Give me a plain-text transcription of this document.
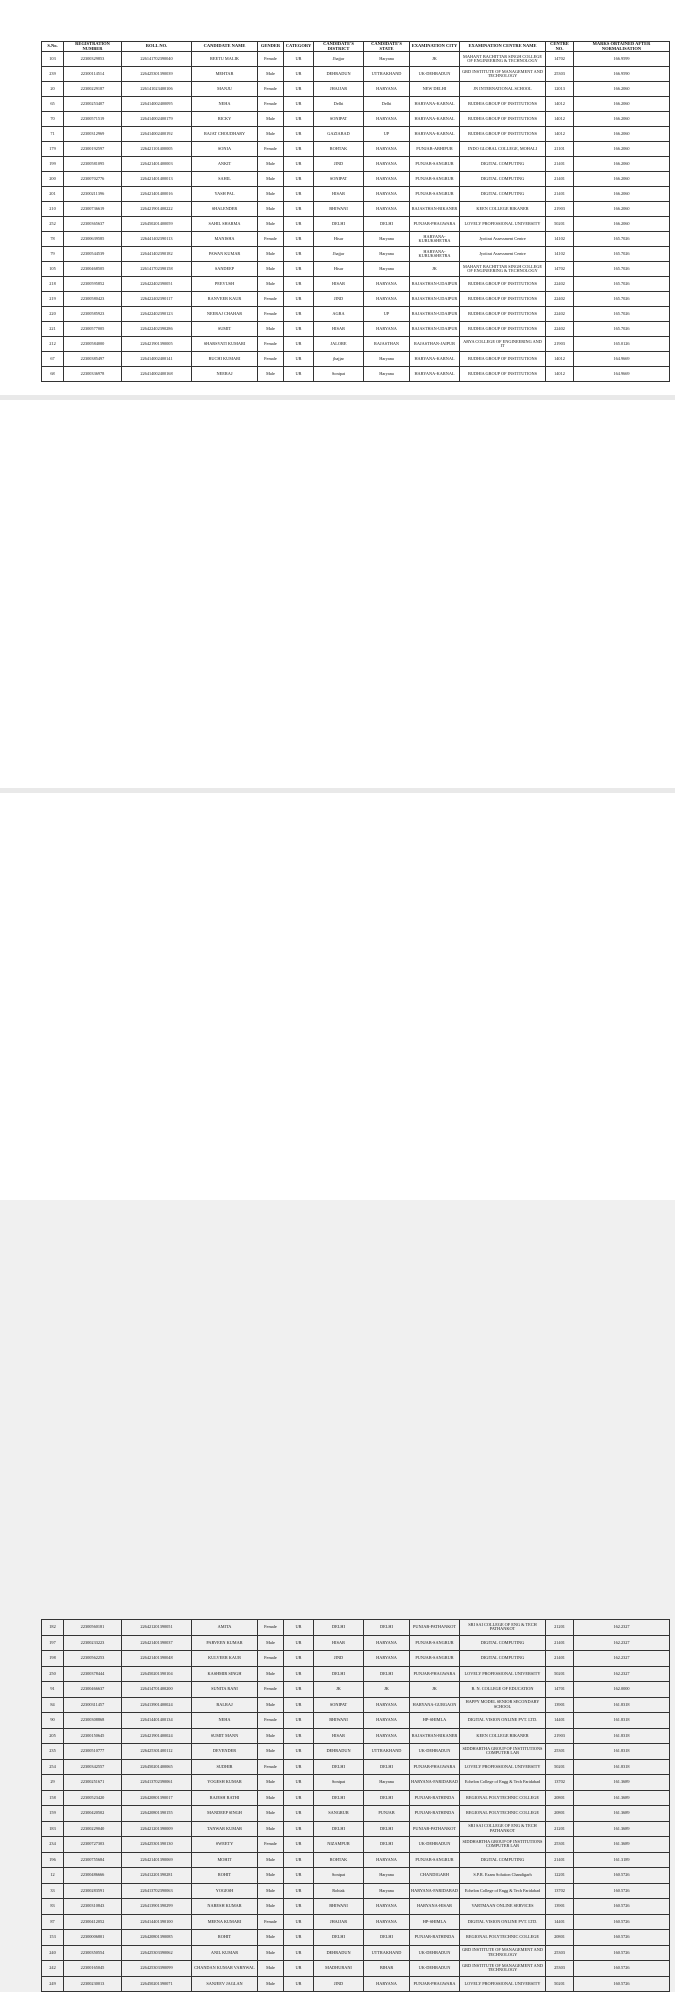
S.No.	REGISTRATION NUMBER	ROLL NO.	CANDIDATE NAME	GENDER	CATEGORY	CANDIDATE'S DISTRICT	CANDIDATE'S STATE	EXAMINATION CITY	EXAMINATION CENTRE NAME	CENTRE NO.	MARKS OBTAINED AFTER NORMALISATION
103	22300329853	226141702390040	REETU MALIK	Female	UR	Jhajjar	Haryana	JK	MAHANT BACHITTAR SINGH COLLEGE OF ENGINEERING & TECHNOLOGY	14702	166.9599
239	22300114514	226425301390039	MEHTAB	Male	UR	DEHRADUN	UTTRAKHAND	UK-DEHRADUN	GRD INSTITUTE OF MANAGEMENT AND TECHNOLOGY	25303	166.9590
20	22300229187	226141023400106	MANJU	Female	UR	JHAJJAR	HARYANA	NEW DELHI	JN INTERNATIONAL SCHOOL	12013	166.2060
65	22300253407	226414002400095	NEHA	Female	UR	Delhi	Delhi	HARYANA-KARNAL	BUDHIA GROUP OF INSTITUTIONS	14012	166.2060
70	22300571519	226414002400179	RICKY	Male	UR	SONIPAT	HARYANA	HARYANA-KARNAL	BUDHIA GROUP OF INSTITUTIONS	14012	166.2060
71	22300312969	226414002400192	RAJAT CHOUDHARY	Male	UR	GAZIABAD	UP	HARYANA-KARNAL	BUDHIA GROUP OF INSTITUTIONS	14012	166.2060
179	22300192597	226421101400005	SONIA	Female	UR	ROHTAK	HARYANA	PUNJAB-ABHIPUR	INDO GLOBAL COLLEGE, MOHALI	21101	166.2060
199	22300581095	226421401400003	ANKIT	Male	UR	JIND	HARYANA	PUNJAB-SANGRUR	DIGITAL COMPUTING	21401	166.2060
200	22300702776	226421401400013	SAHIL	Male	UR	SONIPAT	HARYANA	PUNJAB-SANGRUR	DIGITAL COMPUTING	21401	166.2060
201	22300211396	226421401400016	YASH PAL	Male	UR	HISAR	HARYANA	PUNJAB-SANGRUR	DIGITAL COMPUTING	21401	166.2060
210	22300736619	226421901400222	SHALENDER	Male	UR	BHIWANI	HARYANA	RAJASTHAN-BIKANER	KEEN COLLEGE BIKANER	21903	166.2060
252	22300365637	226450201400059	SAHIL SHARMA	Male	UR	DELHI	DELHI	PUNJAB-PHAGWARA	LOVELY PROFESSIONAL UNIVERSITY	50201	166.2060
78	22300639585	226441402390113	MANISHA	Female	UR	Hisar	Haryana	HARYANA-KURUKSHETRA	Jyotirat Assessment Centre	14102	165.7026
79	22300544539	226441402390182	PAWAN KUMAR	Male	UR	Jhajjar	Haryana	HARYANA-KURUKSHETRA	Jyotirat Assessment Centre	14102	165.7026
105	22300468505	226141702390158	SANDEEP	Male	UR	Hisar	Haryana	JK	MAHANT BACHITTAR SINGH COLLEGE OF ENGINEERING & TECHNOLOGY	14702	165.7026
218	22300595852	226422402390051	PEEVUSH	Male	UR	HISAR	HARYANA	RAJASTHAN-UDAIPUR	BUDHIA GROUP OF INSTITUTIONS	22402	165.7026
219	22300580423	226422402390117	RANVEER KAUR	Female	UR	JIND	HARYANA	RAJASTHAN-UDAIPUR	BUDHIA GROUP OF INSTITUTIONS	22402	165.7026
220	22300585923	226422402390123	NEERAJ CHAHAR	Female	UR	AGRA	UP	RAJASTHAN-UDAIPUR	BUDHIA GROUP OF INSTITUTIONS	22402	165.7026
221	22300577005	226422402390286	SUMIT	Male	UR	HISAR	HARYANA	RAJASTHAN-UDAIPUR	BUDHIA GROUP OF INSTITUTIONS	22402	165.7026
212	22300584000	226421901390005	SHARSVATI KUMARI	Female	UR	JALORE	RAJASTHAN	RAJASTHAN-JAIPUR	ARYA COLLEGE OF ENGINEERING AND IT	21903	165.0126
67	22300385497	226414002400141	RUCHI KUMARI	Female	UR	jhajjar	Haryana	HARYANA-KARNAL	BUDHIA GROUP OF INSTITUTIONS	14012	164.9669
68	22300336978	226414002400168	NEERAJ	Male	UR	Sonipat	Haryana	HARYANA-KARNAL	BUDHIA GROUP OF INSTITUTIONS	14012	164.9669

182	22300560181	226421201390051	AMITA	Female	UR	DELHI	DELHI	PUNJAB-PATHANKOT	SRI SAI COLLEGE OF ENG & TECH PATHANKOT	21201	162.2327
197	22300233223	226421401390037	PARVEEN KUMAR	Male	UR	HISAR	HARYANA	PUNJAB-SANGRUR	DIGITAL COMPUTING	21401	162.2327
198	22300562253	226421401390048	KULVEER KAUR	Female	UR	JIND	HARYANA	PUNJAB-SANGRUR	DIGITAL COMPUTING	21401	162.2327
250	22300378444	226450201390104	KASHMIR SINGH	Male	UR	DELHI	DELHI	PUNJAB-PHAGWARA	LOVELY PROFESSIONAL UNIVERSITY	50201	162.2327
91	22300466637	226414701400200	SUNITA RANI	Female	UR	JK	JK	JK	B. N. COLLEGE OF EDUCATION	14701	162.0000
84	22300311457	226413901400024	BALRAJ	Male	UR	SONIPAT	HARYANA	HARYANA-GURGAON	HAPPY MODEL SENIOR SECONDARY SCHOOL	13901	161.8318
90	22300308868	226414401400134	NEHA	Female	UR	BHIWANI	HARYANA	HP-SHIMLA	DIGITAL VISION ONLINE PVT. LTD.	14401	161.8318
205	22300150645	226421901400024	SUMIT MANN	Male	UR	HISAR	HARYANA	RAJASTHAN-BIKANER	KEEN COLLEGE BIKANER	21903	161.8318
235	22300510777	226425301400112	DEVENDER	Male	UR	DEHRADUN	UTTRAKHAND	UK-DEHRADUN	SIDDHARTHA GROUP OF INSTITUTIONS COMPUTER LAB	25301	161.8318
254	22300342557	226450201400065	SUDHIR	Female	UR	DELHI	DELHI	PUNJAB-PHAGWARA	LOVELY PROFESSIONAL UNIVERSITY	50201	161.8318
29	22300251671	226413702390061	YOGESH KUMAR	Male	UR	Sonipat	Haryana	HARYANA-FARIDABAD	Echelon College of Engg & Tech Faridabad	13702	161.3689
158	22300523420	226420801390017	RAJESH RATHI	Male	UR	DELHI	DELHI	PUNJAB-BATHINDA	REGIONAL POLYTECHNIC COLLEGE	20801	161.3689
159	22300420502	226420801390155	MANDEEP SINGH	Male	UR	SANGRUR	PUNJAB	PUNJAB-BATHINDA	REGIONAL POLYTECHNIC COLLEGE	20801	161.3689
183	22300229040	226421201390009	TANWAR KUMAR	Male	UR	DELHI	DELHI	PUNJAB-PATHANKOT	SRI SAI COLLEGE OF ENG & TECH PATHANKOT	21201	161.3689
234	22300727303	226425301390130	SWEETY	Female	UR	NIZAMPUR	DELHI	UK-DEHRADUN	SIDDHARTHA GROUP OF INSTITUTIONS COMPUTER LAB	25301	161.3689
196	22300755684	226421401390069	MOHIT	Male	UR	ROHTAK	HARYANA	PUNJAB-SANGRUR	DIGITAL COMPUTING	21401	161.3189
12	22300486666	226412201390281	ROHIT	Male	UR	Sonipat	Haryana	CHANDIGARH	S.P.R. Exam Solution Chandigarh	12201	160.5726
33	22300283591	226413702390063	YOGESH	Male	UR	Rohtak	Haryana	HARYANA-FARIDABAD	Echelon College of Engg & Tech Faridabad	13702	160.5726
83	22300310843	226413901390299	NARESH KUMAR	Male	UR	BHIWANI	HARYANA	HARYANA-HISAR	VARTMAAN ONLINE SERVICES	13901	160.5726
87	22300412052	226414401390100	MEENA KUMARI	Female	UR	JHAJJAR	HARYANA	HP-SHIMLA	DIGITAL VISION ONLINE PVT. LTD.	14401	160.5726
153	22300006801	226420801390085	ROHIT	Male	UR	DELHI	DELHI	PUNJAB-BATHINDA	REGIONAL POLYTECHNIC COLLEGE	20801	160.5726
240	22300350554	226425303390062	ANIL KUMAR	Male	UR	DEHRADUN	UTTRAKHAND	UK-DEHRADUN	GRD INSTITUTE OF MANAGEMENT AND TECHNOLOGY	25303	160.5726
242	22300165045	226425303390099	CHANDAN KUMAR VARNWAL	Male	UR	MADHUBANI	BIHAR	UK-DEHRADUN	GRD INSTITUTE OF MANAGEMENT AND TECHNOLOGY	25303	160.5726
249	22300230013	226450201390071	SANJEEV JAGLAN	Male	UR	JIND	HARYANA	PUNJAB-PHAGWARA	LOVELY PROFESSIONAL UNIVERSITY	50201	160.5726
